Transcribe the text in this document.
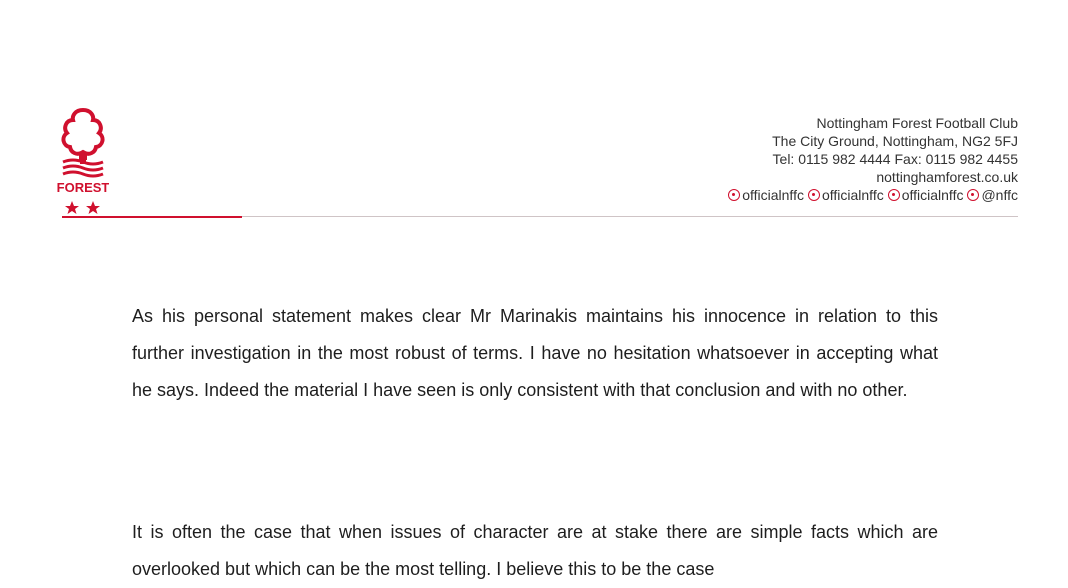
FOREST
Nottingham Forest Football Club
The City Ground, Nottingham, NG2 5FJ
Tel: 0115 982 4444 Fax: 0115 982 4455
nottinghamforest.co.uk
officialnffc officialnffc officialnffc @nffc

As his personal statement makes clear Mr Marinakis maintains his innocence in relation to this further investigation in the most robust of terms. I have no hesitation whatsoever in accepting what he says. Indeed the material I have seen is only consistent with that conclusion and with no other.

It is often the case that when issues of character are at stake there are simple facts which are overlooked but which can be the most telling. I believe this to be the case
